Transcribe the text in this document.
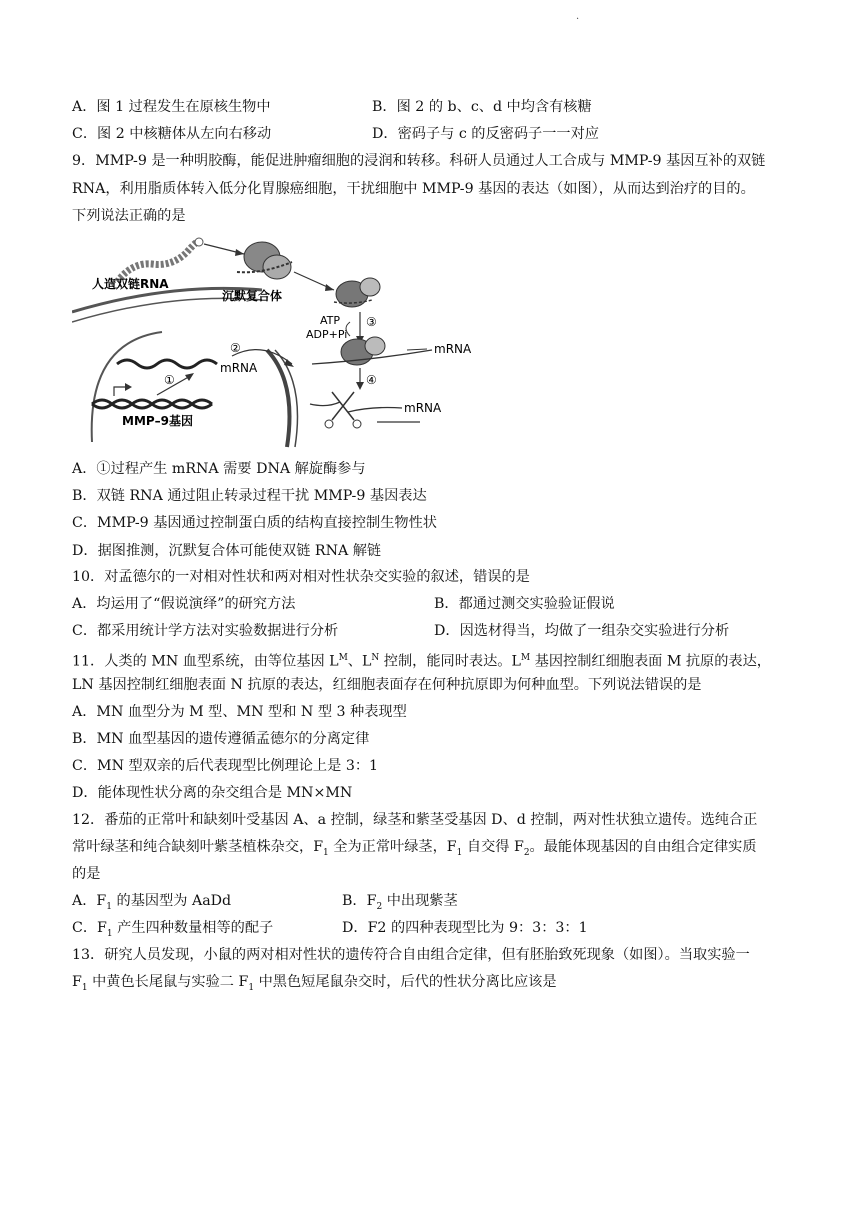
·
A．图 1 过程发生在原核生物中	B．图 2 的 b、c、d 中均含有核糖
C．图 2 中核糖体从左向右移动	D．密码子与 c 的反密码子一一对应
9．MMP-9 是一种明胶酶，能促进肿瘤细胞的浸润和转移。科研人员通过人工合成与 MMP-9 基因互补的双链
RNA，利用脂质体转入低分化胃腺癌细胞，干扰细胞中 MMP-9 基因的表达（如图），从而达到治疗的目的。
下列说法正确的是
人造双链RNA
沉默复合体
ATP
ADP+Pi
③
mRNA
④
mRNA
mRNA
①
②
MMP–9基因
A．①过程产生 mRNA 需要 DNA 解旋酶参与
B．双链 RNA 通过阻止转录过程干扰 MMP-9 基因表达
C．MMP-9 基因通过控制蛋白质的结构直接控制生物性状
D．据图推测，沉默复合体可能使双链 RNA 解链
10．对孟德尔的一对相对性状和两对相对性状杂交实验的叙述，错误的是
A．均运用了“假说演绎”的研究方法	B．都通过测交实验验证假说
C．都采用统计学方法对实验数据进行分析	D．因选材得当，均做了一组杂交实验进行分析
11．人类的 MN 血型系统，由等位基因 $L^M$、$L^N$ 控制，能同时表达。$L^M$ 基因控制红细胞表面 M 抗原的表达，
LN 基因控制红细胞表面 N 抗原的表达，红细胞表面存在何种抗原即为何种血型。下列说法错误的是
A．MN 血型分为 M 型、MN 型和 N 型 3 种表现型
B．MN 血型基因的遗传遵循孟德尔的分离定律
C．MN 型双亲的后代表现型比例理论上是 3：1
D．能体现性状分离的杂交组合是 MN×MN
12．番茄的正常叶和缺刻叶受基因 A、a 控制，绿茎和紫茎受基因 D、d 控制，两对性状独立遗传。选纯合正
常叶绿茎和纯合缺刻叶紫茎植株杂交，$F_1$ 全为正常叶绿茎，$F_1$ 自交得 $F_2$。最能体现基因的自由组合定律实质
的是
A．$F_1$ 的基因型为 AaDd	B．$F_2$ 中出现紫茎
C．$F_1$ 产生四种数量相等的配子	D．F2 的四种表现型比为 9：3：3：1
13．研究人员发现，小鼠的两对相对性状的遗传符合自由组合定律，但有胚胎致死现象（如图）。当取实验一
$F_1$ 中黄色长尾鼠与实验二 $F_1$ 中黑色短尾鼠杂交时，后代的性状分离比应该是
